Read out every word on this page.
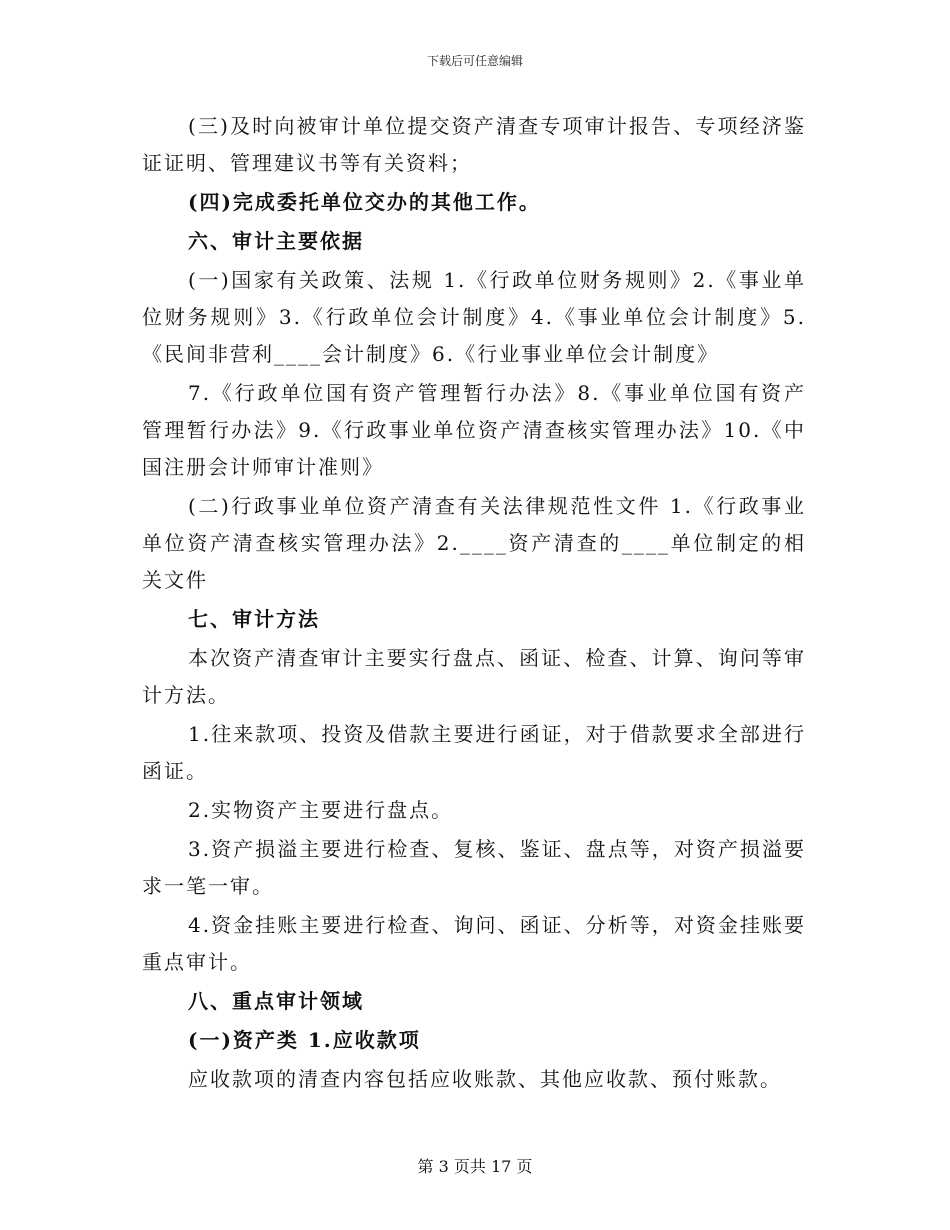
下载后可任意编辑

(三)及时向被审计单位提交资产清查专项审计报告、专项经济鉴证证明、管理建议书等有关资料；

(四)完成委托单位交办的其他工作。

六、审计主要依据

(一)国家有关政策、法规 1.《行政单位财务规则》2.《事业单位财务规则》3.《行政单位会计制度》4.《事业单位会计制度》5.《民间非营利____会计制度》6.《行业事业单位会计制度》

7.《行政单位国有资产管理暂行办法》8.《事业单位国有资产管理暂行办法》9.《行政事业单位资产清查核实管理办法》10.《中国注册会计师审计准则》

(二)行政事业单位资产清查有关法律规范性文件 1.《行政事业单位资产清查核实管理办法》2.____资产清查的____单位制定的相关文件

七、审计方法

本次资产清查审计主要实行盘点、函证、检查、计算、询问等审计方法。

1.往来款项、投资及借款主要进行函证，对于借款要求全部进行函证。

2.实物资产主要进行盘点。

3.资产损溢主要进行检查、复核、鉴证、盘点等，对资产损溢要求一笔一审。

4.资金挂账主要进行检查、询问、函证、分析等，对资金挂账要重点审计。

八、重点审计领域

(一)资产类 1.应收款项

应收款项的清查内容包括应收账款、其他应收款、预付账款。

第 3 页共 17 页
